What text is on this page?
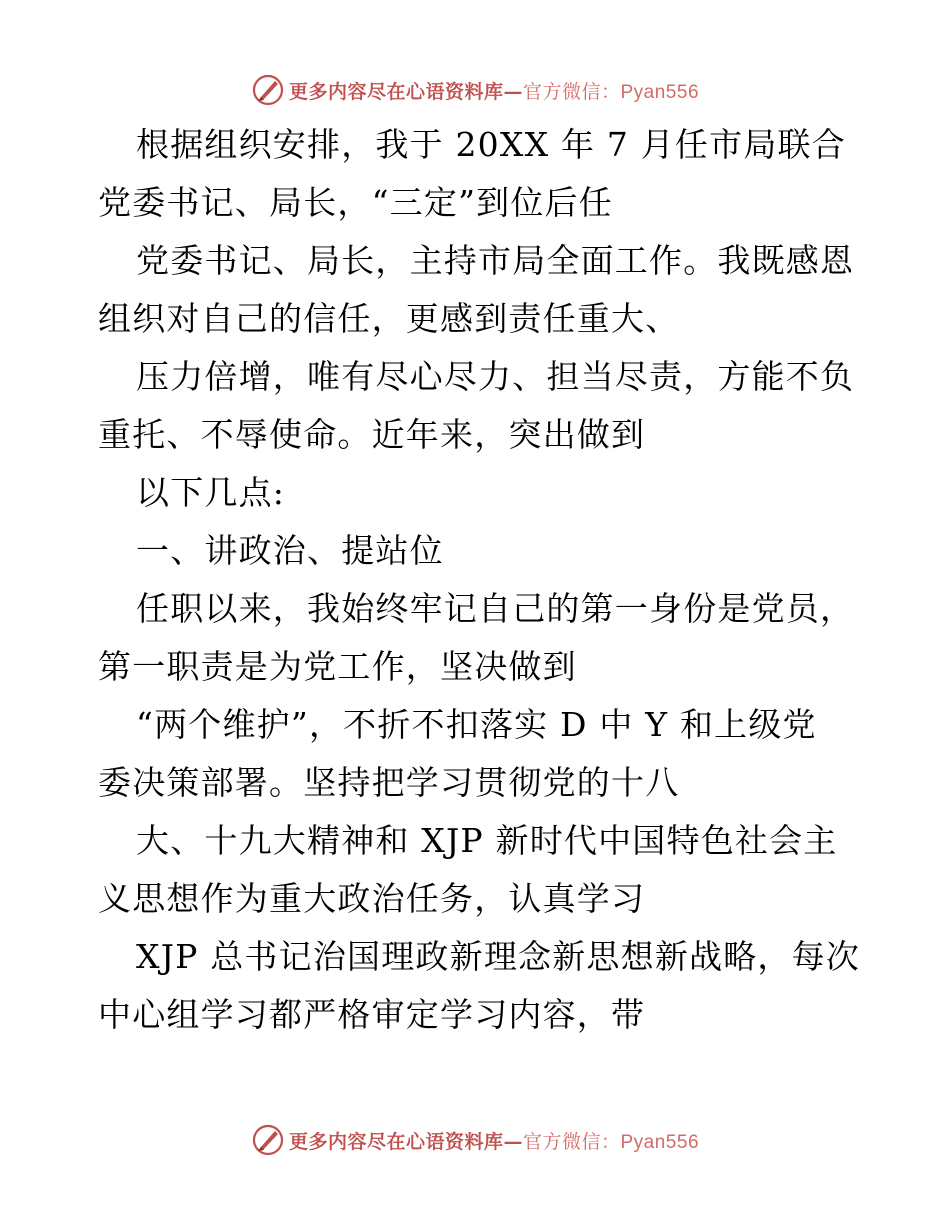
更多内容尽在心语资料库—官方微信：Pyan556
根据组织安排，我于 20XX 年 7 月任市局联合
党委书记、局长，“三定”到位后任
党委书记、局长，主持市局全面工作。我既感恩
组织对自己的信任，更感到责任重大、
压力倍增，唯有尽心尽力、担当尽责，方能不负
重托、不辱使命。近年来，突出做到
以下几点:
一、讲政治、提站位
任职以来，我始终牢记自己的第一身份是党员，
第一职责是为党工作，坚决做到
“两个维护”，不折不扣落实 D 中 Y 和上级党
委决策部署。坚持把学习贯彻党的十八
大、十九大精神和 XJP 新时代中国特色社会主
义思想作为重大政治任务，认真学习
XJP 总书记治国理政新理念新思想新战略，每次
中心组学习都严格审定学习内容，带
更多内容尽在心语资料库—官方微信：Pyan556
